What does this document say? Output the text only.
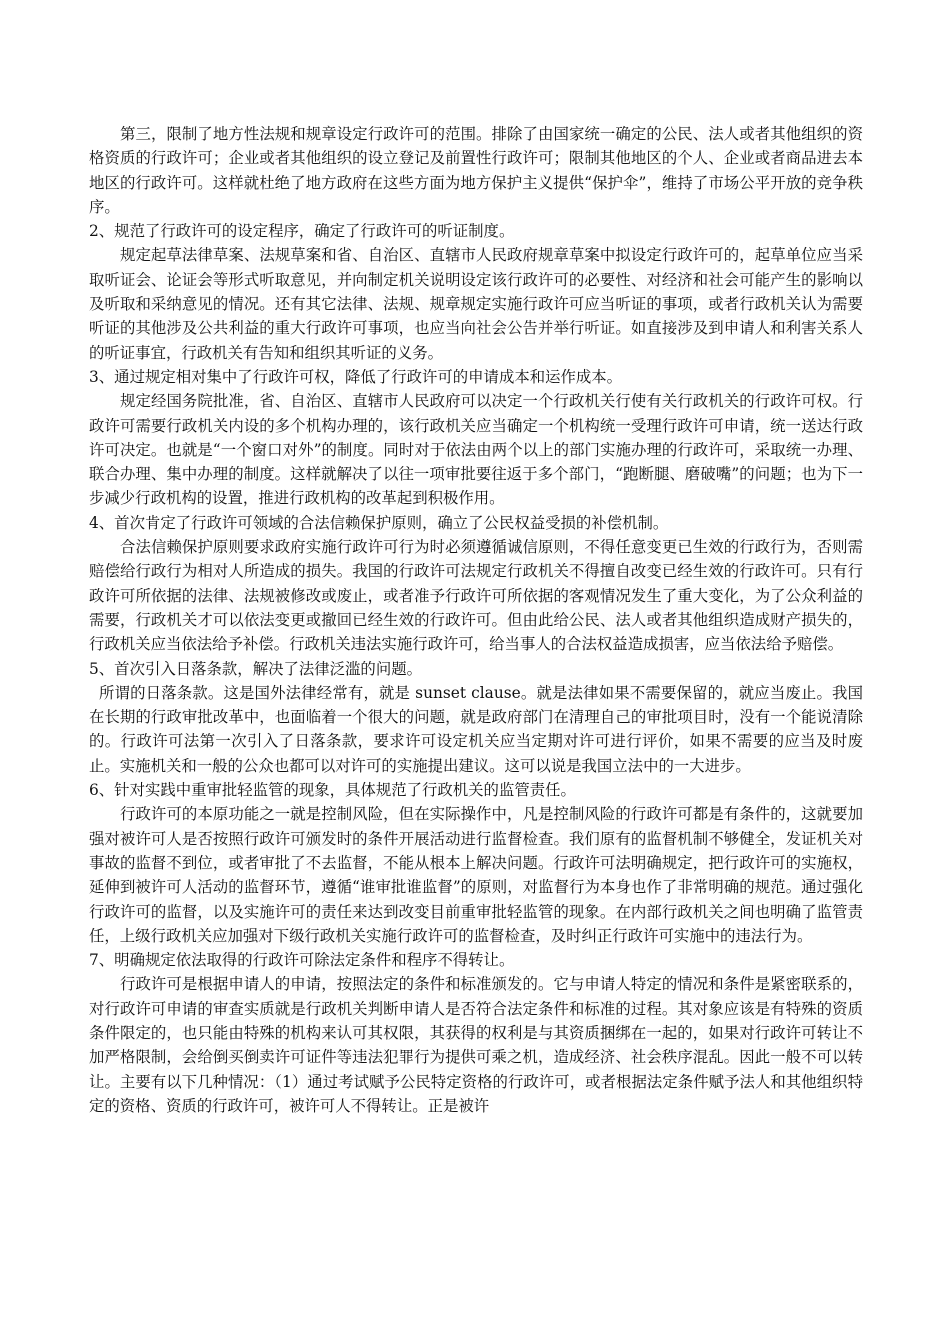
第三，限制了地方性法规和规章设定行政许可的范围。排除了由国家统一确定的公民、法人或者其他组织的资格资质的行政许可；企业或者其他组织的设立登记及前置性行政许可；限制其他地区的个人、企业或者商品进去本地区的行政许可。这样就杜绝了地方政府在这些方面为地方保护主义提供“保护伞”，维持了市场公平开放的竞争秩序。

2、规范了行政许可的设定程序，确定了行政许可的听证制度。

规定起草法律草案、法规草案和省、自治区、直辖市人民政府规章草案中拟设定行政许可的，起草单位应当采取听证会、论证会等形式听取意见，并向制定机关说明设定该行政许可的必要性、对经济和社会可能产生的影响以及听取和采纳意见的情况。还有其它法律、法规、规章规定实施行政许可应当听证的事项，或者行政机关认为需要听证的其他涉及公共利益的重大行政许可事项，也应当向社会公告并举行听证。如直接涉及到申请人和利害关系人的听证事宜，行政机关有告知和组织其听证的义务。

3、通过规定相对集中了行政许可权，降低了行政许可的申请成本和运作成本。

规定经国务院批准，省、自治区、直辖市人民政府可以决定一个行政机关行使有关行政机关的行政许可权。行政许可需要行政机关内设的多个机构办理的，该行政机关应当确定一个机构统一受理行政许可申请，统一送达行政许可决定。也就是“一个窗口对外”的制度。同时对于依法由两个以上的部门实施办理的行政许可，采取统一办理、联合办理、集中办理的制度。这样就解决了以往一项审批要往返于多个部门，“跑断腿、磨破嘴”的问题；也为下一步减少行政机构的设置，推进行政机构的改革起到积极作用。

4、首次肯定了行政许可领域的合法信赖保护原则，确立了公民权益受损的补偿机制。

合法信赖保护原则要求政府实施行政许可行为时必须遵循诚信原则，不得任意变更已生效的行政行为，否则需赔偿给行政行为相对人所造成的损失。我国的行政许可法规定行政机关不得擅自改变已经生效的行政许可。只有行政许可所依据的法律、法规被修改或废止，或者准予行政许可所依据的客观情况发生了重大变化，为了公众利益的需要，行政机关才可以依法变更或撤回已经生效的行政许可。但由此给公民、法人或者其他组织造成财产损失的，行政机关应当依法给予补偿。行政机关违法实施行政许可，给当事人的合法权益造成损害，应当依法给予赔偿。

5、首次引入日落条款，解决了法律泛滥的问题。

所谓的日落条款。这是国外法律经常有，就是 sunset clause。就是法律如果不需要保留的，就应当废止。我国在长期的行政审批改革中，也面临着一个很大的问题，就是政府部门在清理自己的审批项目时，没有一个能说清除的。行政许可法第一次引入了日落条款，要求许可设定机关应当定期对许可进行评价，如果不需要的应当及时废止。实施机关和一般的公众也都可以对许可的实施提出建议。这可以说是我国立法中的一大进步。

6、针对实践中重审批轻监管的现象，具体规范了行政机关的监管责任。

行政许可的本原功能之一就是控制风险，但在实际操作中，凡是控制风险的行政许可都是有条件的，这就要加强对被许可人是否按照行政许可颁发时的条件开展活动进行监督检查。我们原有的监督机制不够健全，发证机关对事故的监督不到位，或者审批了不去监督，不能从根本上解决问题。行政许可法明确规定，把行政许可的实施权，延伸到被许可人活动的监督环节，遵循“谁审批谁监督”的原则，对监督行为本身也作了非常明确的规范。通过强化行政许可的监督，以及实施许可的责任来达到改变目前重审批轻监管的现象。在内部行政机关之间也明确了监管责任，上级行政机关应加强对下级行政机关实施行政许可的监督检查，及时纠正行政许可实施中的违法行为。

7、明确规定依法取得的行政许可除法定条件和程序不得转让。

行政许可是根据申请人的申请，按照法定的条件和标准颁发的。它与申请人特定的情况和条件是紧密联系的，对行政许可申请的审查实质就是行政机关判断申请人是否符合法定条件和标准的过程。其对象应该是有特殊的资质条件限定的，也只能由特殊的机构来认可其权限，其获得的权利是与其资质捆绑在一起的，如果对行政许可转让不加严格限制，会给倒买倒卖许可证件等违法犯罪行为提供可乘之机，造成经济、社会秩序混乱。因此一般不可以转让。主要有以下几种情况：（1）通过考试赋予公民特定资格的行政许可，或者根据法定条件赋予法人和其他组织特定的资格、资质的行政许可，被许可人不得转让。正是被许
